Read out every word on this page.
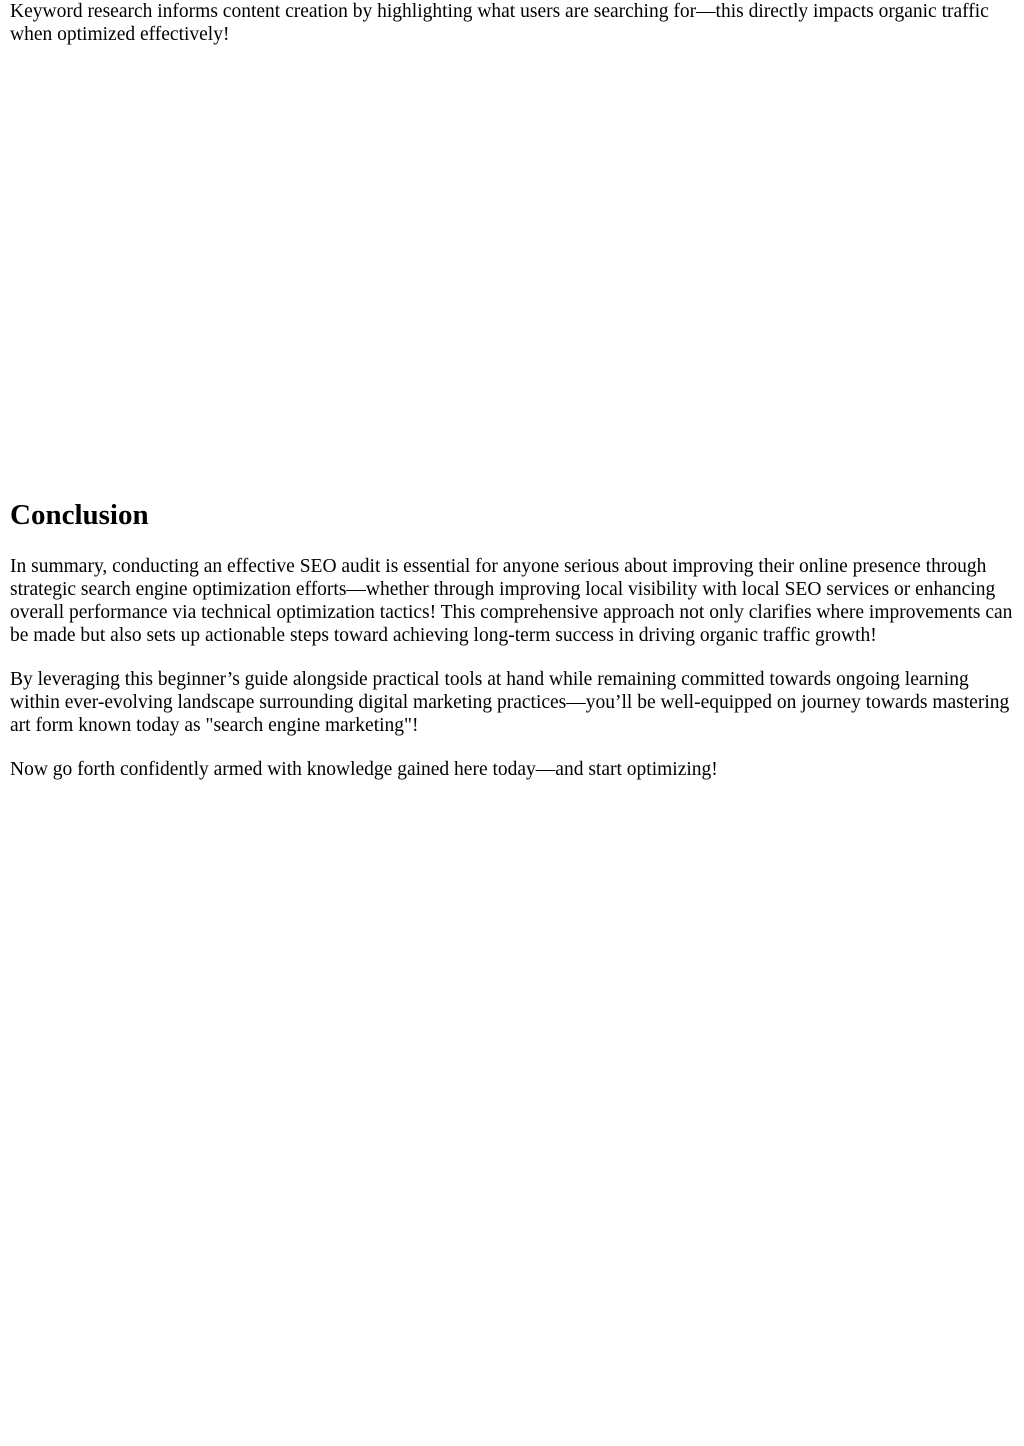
Keyword research informs content creation by highlighting what users are searching for—this directly impacts organic traffic when optimized effectively!

Conclusion

In summary, conducting an effective SEO audit is essential for anyone serious about improving their online presence through strategic search engine optimization efforts—whether through improving local visibility with local SEO services or enhancing overall performance via technical optimization tactics! This comprehensive approach not only clarifies where improvements can be made but also sets up actionable steps toward achieving long-term success in driving organic traffic growth!

By leveraging this beginner’s guide alongside practical tools at hand while remaining committed towards ongoing learning within ever-evolving landscape surrounding digital marketing practices—you’ll be well-equipped on journey towards mastering art form known today as "search engine marketing"!

Now go forth confidently armed with knowledge gained here today—and start optimizing!
